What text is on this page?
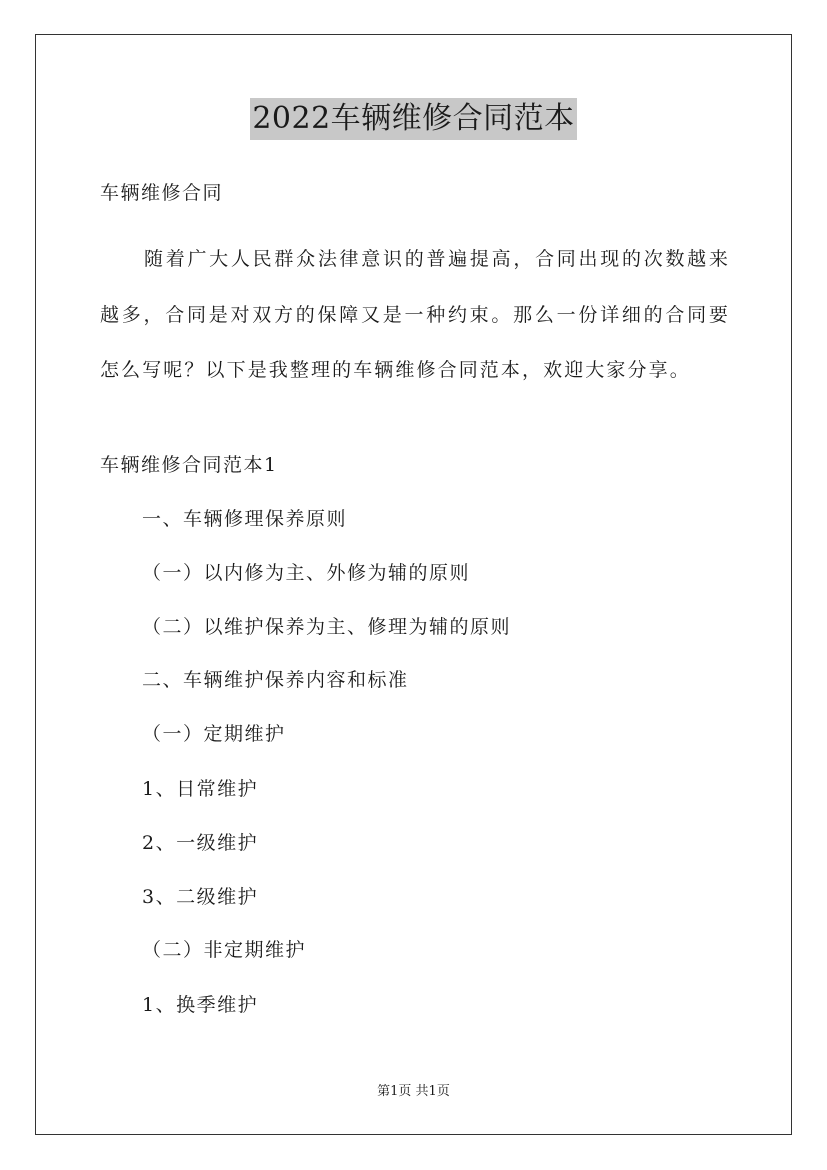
2022车辆维修合同范本
车辆维修合同

随着广大人民群众法律意识的普遍提高，合同出现的次数越来越多，合同是对双方的保障又是一种约束。那么一份详细的合同要怎么写呢？以下是我整理的车辆维修合同范本，欢迎大家分享。

车辆维修合同范本1
一、车辆修理保养原则
（一）以内修为主、外修为辅的原则
（二）以维护保养为主、修理为辅的原则
二、车辆维护保养内容和标准
（一）定期维护
1、日常维护
2、一级维护
3、二级维护
（二）非定期维护
1、换季维护
第1页 共1页
